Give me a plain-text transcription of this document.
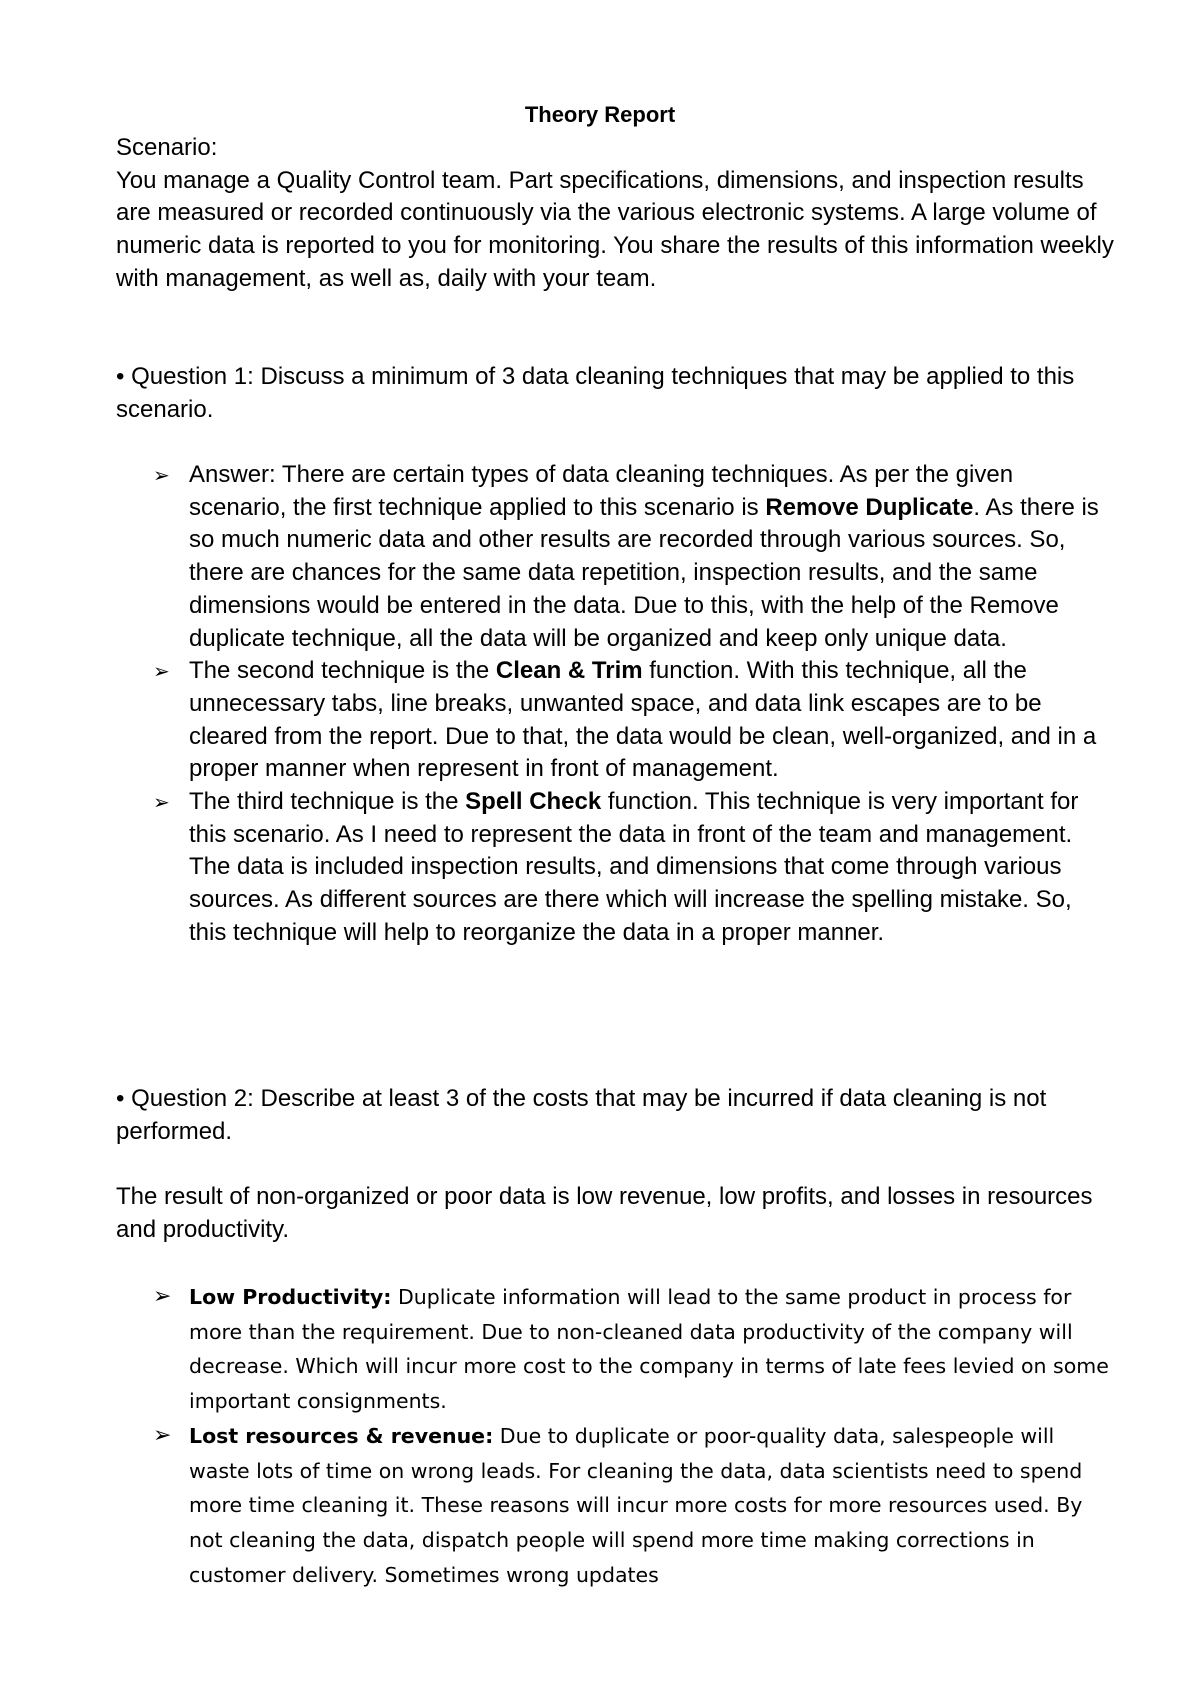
Theory Report

Scenario:

You manage a Quality Control team. Part specifications, dimensions, and inspection results are measured or recorded continuously via the various electronic systems. A large volume of numeric data is reported to you for monitoring. You share the results of this information weekly with management, as well as, daily with your team.

• Question 1: Discuss a minimum of 3 data cleaning techniques that may be applied to this scenario.

➢ Answer: There are certain types of data cleaning techniques. As per the given scenario, the first technique applied to this scenario is Remove Duplicate. As there is so much numeric data and other results are recorded through various sources. So, there are chances for the same data repetition, inspection results, and the same dimensions would be entered in the data. Due to this, with the help of the Remove duplicate technique, all the data will be organized and keep only unique data.
➢ The second technique is the Clean & Trim function. With this technique, all the unnecessary tabs, line breaks, unwanted space, and data link escapes are to be cleared from the report. Due to that, the data would be clean, well-organized, and in a proper manner when represent in front of management.
➢ The third technique is the Spell Check function. This technique is very important for this scenario. As I need to represent the data in front of the team and management. The data is included inspection results, and dimensions that come through various sources. As different sources are there which will increase the spelling mistake. So, this technique will help to reorganize the data in a proper manner.

• Question 2: Describe at least 3 of the costs that may be incurred if data cleaning is not performed.

The result of non-organized or poor data is low revenue, low profits, and losses in resources and productivity.

➢ Low Productivity: Duplicate information will lead to the same product in process for more than the requirement. Due to non-cleaned data productivity of the company will decrease. Which will incur more cost to the company in terms of late fees levied on some important consignments.
➢ Lost resources & revenue: Due to duplicate or poor-quality data, salespeople will waste lots of time on wrong leads. For cleaning the data, data scientists need to spend more time cleaning it. These reasons will incur more costs for more resources used. By not cleaning the data, dispatch people will spend more time making corrections in customer delivery. Sometimes wrong updates
